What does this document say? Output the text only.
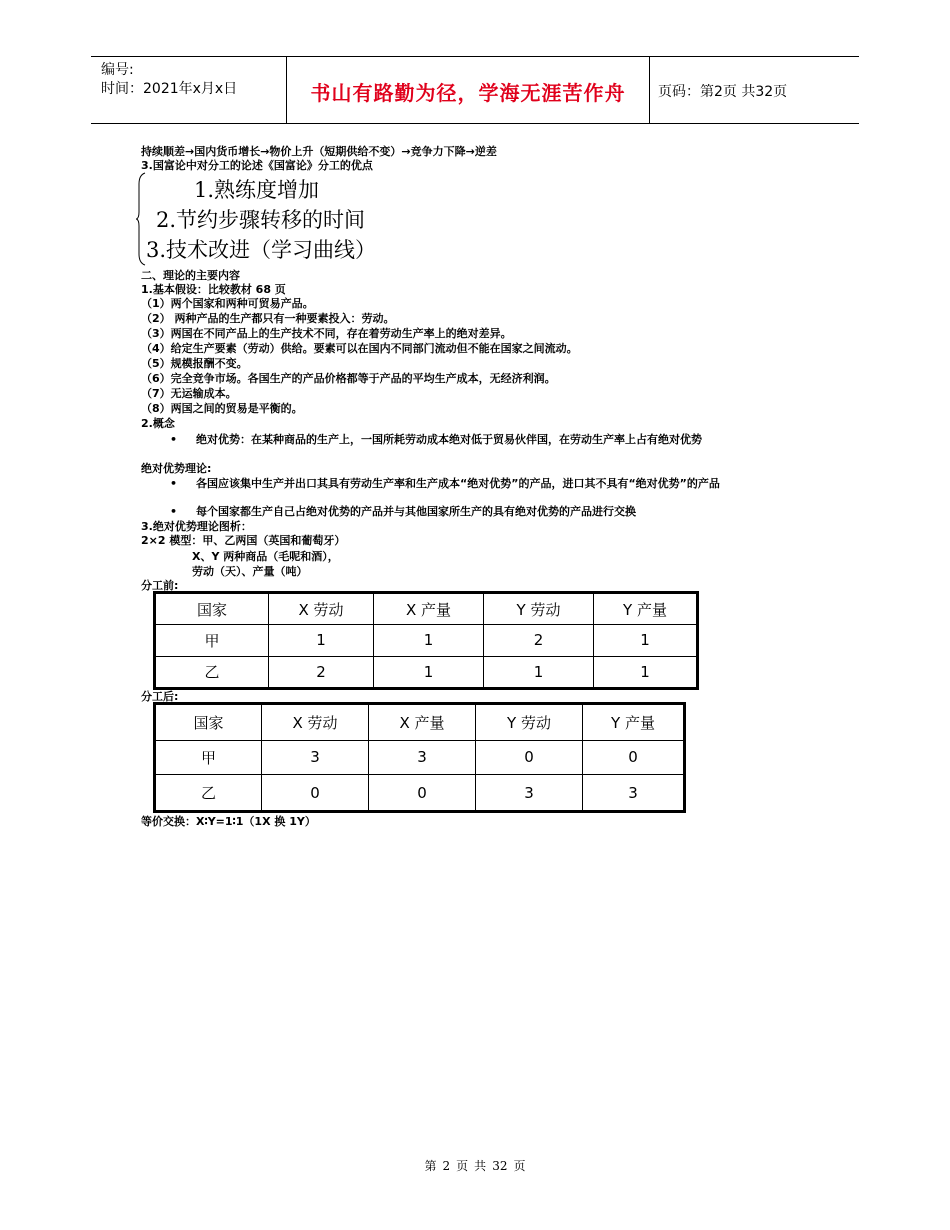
编号:
时间：2021年x月x日	书山有路勤为径，学海无涯苦作舟	页码：第2页 共32页
持续顺差→国内货币增长→物价上升（短期供给不变）→竞争力下降→逆差
3.国富论中对分工的论述《国富论》分工的优点
1.熟练度增加
2.节约步骤转移的时间
3.技术改进（学习曲线）
二、理论的主要内容
1.基本假设：比较教材 68 页
（1）两个国家和两种可贸易产品。
（2） 两种产品的生产都只有一种要素投入：劳动。
（3）两国在不同产品上的生产技术不同，存在着劳动生产率上的绝对差异。
（4）给定生产要素（劳动）供给。要素可以在国内不同部门流动但不能在国家之间流动。
（5）规模报酬不变。
（6）完全竞争市场。各国生产的产品价格都等于产品的平均生产成本，无经济利润。
（7）无运输成本。
（8）两国之间的贸易是平衡的。
2.概念
• 绝对优势：在某种商品的生产上，一国所耗劳动成本绝对低于贸易伙伴国，在劳动生产率上占有绝对优势
绝对优势理论:
• 各国应该集中生产并出口其具有劳动生产率和生产成本“绝对优势”的产品，进口其不具有“绝对优势”的产品
• 每个国家都生产自己占绝对优势的产品并与其他国家所生产的具有绝对优势的产品进行交换
3.绝对优势理论图析：
2×2 模型：甲、乙两国（英国和葡萄牙）
X、Y 两种商品（毛呢和酒），
劳动（天）、产量（吨）
分工前:
国家	X 劳动	X 产量	Y 劳动	Y 产量
甲	1	1	2	1
乙	2	1	1	1
分工后:
国家	X 劳动	X 产量	Y 劳动	Y 产量
甲	3	3	0	0
乙	0	0	3	3
等价交换：X∶Y=1∶1（1X 换 1Y）
第 2 页 共 32 页
